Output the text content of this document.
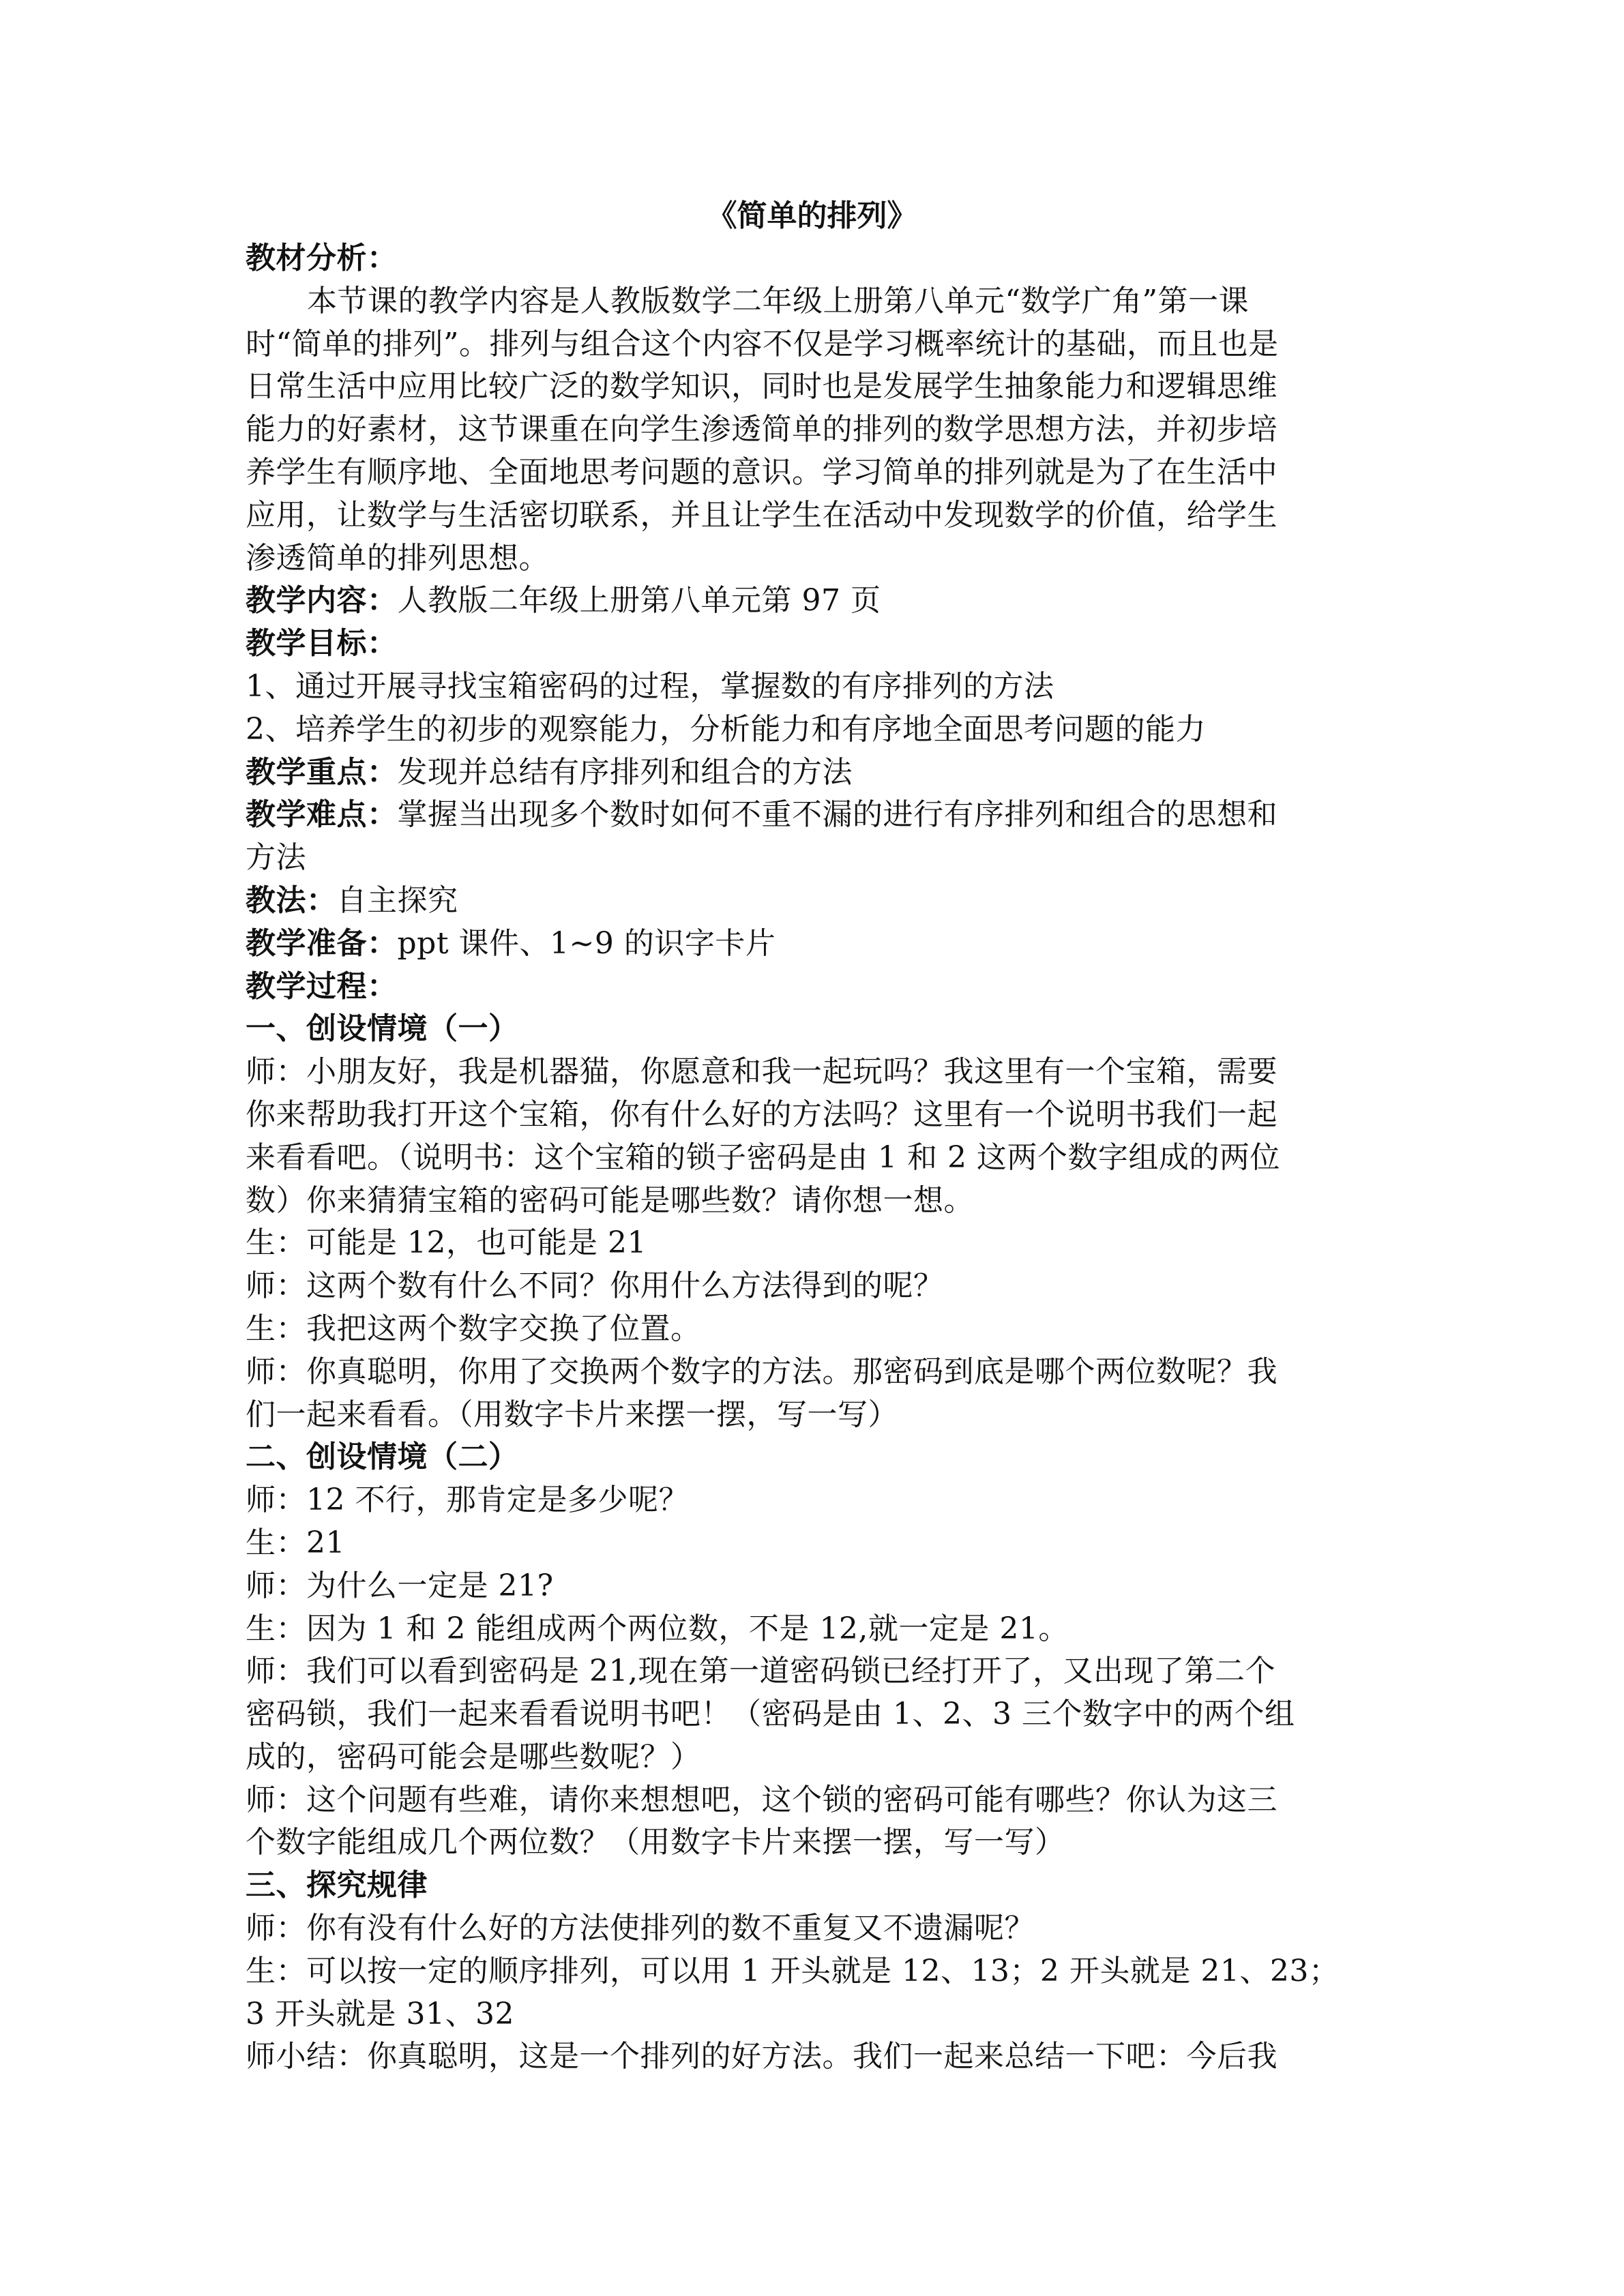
《简单的排列》
教材分析：
本节课的教学内容是人教版数学二年级上册第八单元“数学广角”第一课
时“简单的排列”。排列与组合这个内容不仅是学习概率统计的基础，而且也是
日常生活中应用比较广泛的数学知识，同时也是发展学生抽象能力和逻辑思维
能力的好素材，这节课重在向学生渗透简单的排列的数学思想方法，并初步培
养学生有顺序地、全面地思考问题的意识。学习简单的排列就是为了在生活中
应用，让数学与生活密切联系，并且让学生在活动中发现数学的价值，给学生
渗透简单的排列思想。
教学内容：人教版二年级上册第八单元第 97 页
教学目标：
1、通过开展寻找宝箱密码的过程，掌握数的有序排列的方法
2、培养学生的初步的观察能力，分析能力和有序地全面思考问题的能力
教学重点：发现并总结有序排列和组合的方法
教学难点：掌握当出现多个数时如何不重不漏的进行有序排列和组合的思想和
方法
教法：自主探究
教学准备：ppt 课件、1~9 的识字卡片
教学过程：
一、创设情境（一）
师：小朋友好，我是机器猫，你愿意和我一起玩吗？我这里有一个宝箱，需要
你来帮助我打开这个宝箱，你有什么好的方法吗？这里有一个说明书我们一起
来看看吧。（说明书：这个宝箱的锁子密码是由 1 和 2 这两个数字组成的两位
数）你来猜猜宝箱的密码可能是哪些数？请你想一想。
生：可能是 12，也可能是 21
师：这两个数有什么不同？你用什么方法得到的呢？
生：我把这两个数字交换了位置。
师：你真聪明，你用了交换两个数字的方法。那密码到底是哪个两位数呢？我
们一起来看看。（用数字卡片来摆一摆，写一写）
二、创设情境（二）
师：12 不行，那肯定是多少呢？
生：21
师：为什么一定是 21?
生：因为 1 和 2 能组成两个两位数，不是 12,就一定是 21。
师：我们可以看到密码是 21,现在第一道密码锁已经打开了，又出现了第二个
密码锁，我们一起来看看说明书吧！（密码是由 1、2、3 三个数字中的两个组
成的，密码可能会是哪些数呢？）
师：这个问题有些难，请你来想想吧，这个锁的密码可能有哪些？你认为这三
个数字能组成几个两位数？（用数字卡片来摆一摆，写一写）
三、探究规律
师：你有没有什么好的方法使排列的数不重复又不遗漏呢？
生：可以按一定的顺序排列，可以用 1 开头就是 12、13；2 开头就是 21、23；
3 开头就是 31、32
师小结：你真聪明，这是一个排列的好方法。我们一起来总结一下吧：今后我
